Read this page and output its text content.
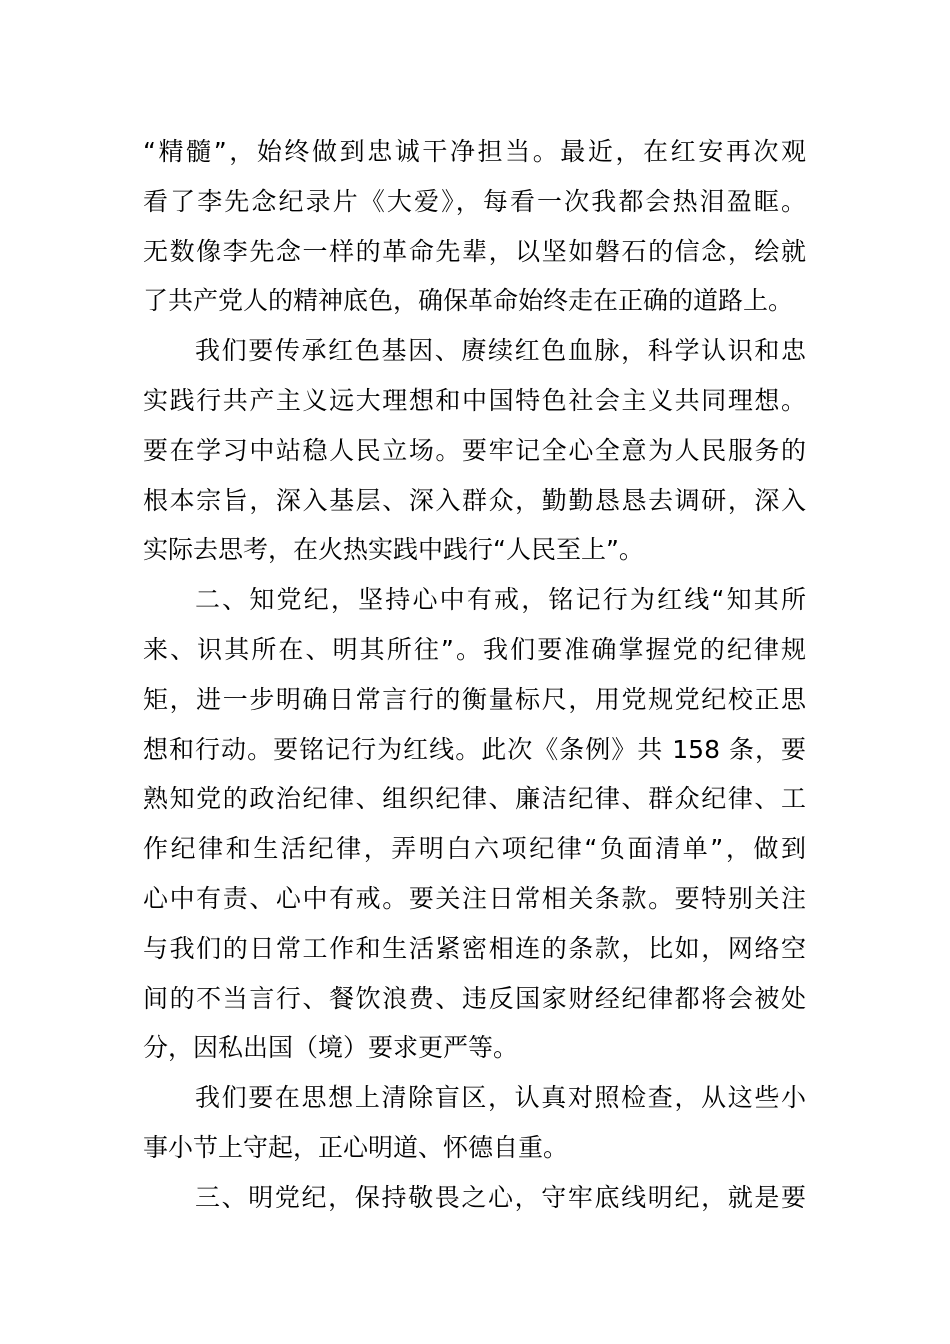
“精髓”，始终做到忠诚干净担当。最近，在红安再次观
看了李先念纪录片《大爱》，每看一次我都会热泪盈眶。
无数像李先念一样的革命先辈，以坚如磐石的信念，绘就
了共产党人的精神底色，确保革命始终走在正确的道路上。
我们要传承红色基因、赓续红色血脉，科学认识和忠
实践行共产主义远大理想和中国特色社会主义共同理想。
要在学习中站稳人民立场。要牢记全心全意为人民服务的
根本宗旨，深入基层、深入群众，勤勤恳恳去调研，深入
实际去思考，在火热实践中践行“人民至上”。
二、知党纪，坚持心中有戒，铭记行为红线“知其所
来、识其所在、明其所往”。我们要准确掌握党的纪律规
矩，进一步明确日常言行的衡量标尺，用党规党纪校正思
想和行动。要铭记行为红线。此次《条例》共 158 条，要
熟知党的政治纪律、组织纪律、廉洁纪律、群众纪律、工
作纪律和生活纪律，弄明白六项纪律“负面清单”，做到
心中有责、心中有戒。要关注日常相关条款。要特别关注
与我们的日常工作和生活紧密相连的条款，比如，网络空
间的不当言行、餐饮浪费、违反国家财经纪律都将会被处
分，因私出国（境）要求更严等。
我们要在思想上清除盲区，认真对照检查，从这些小
事小节上守起，正心明道、怀德自重。
三、明党纪，保持敬畏之心，守牢底线明纪，就是要
